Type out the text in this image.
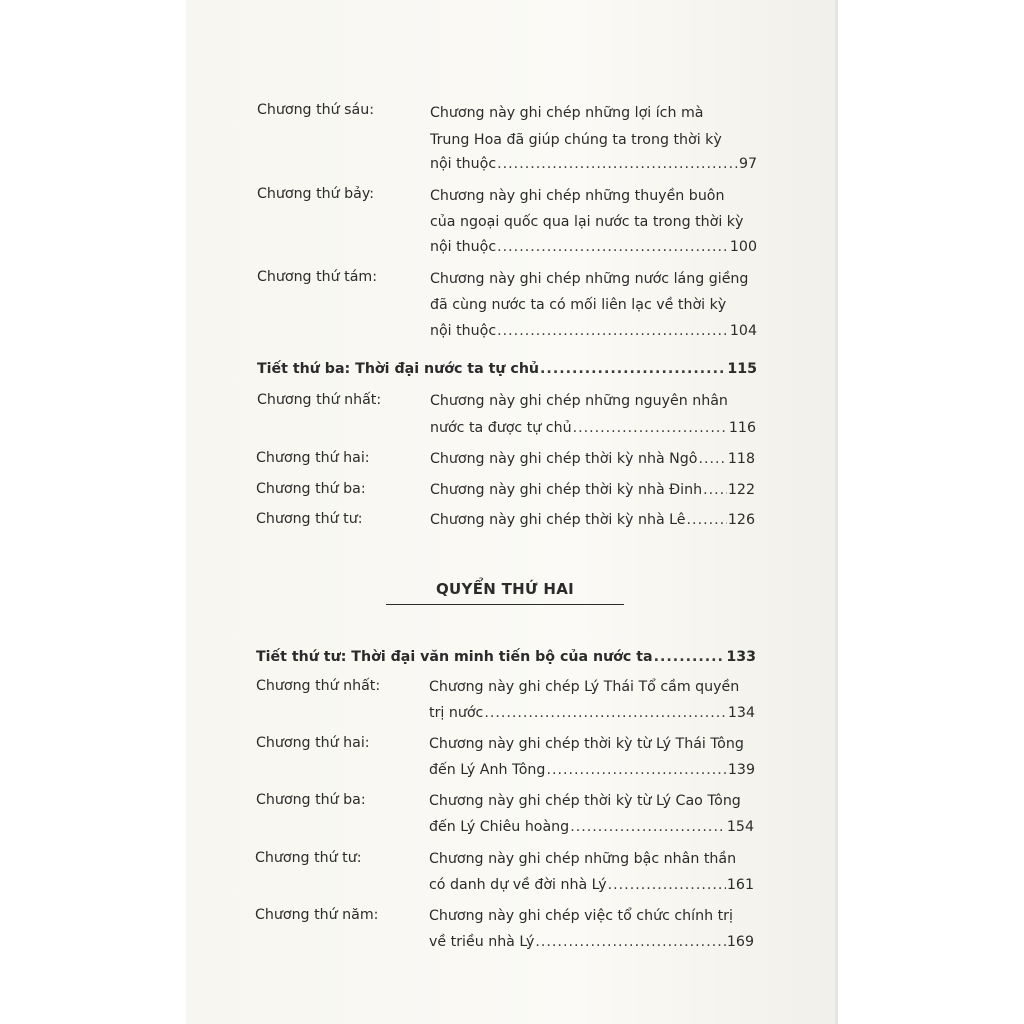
Chương thứ sáu:	Chương này ghi chép những lợi ích mà
Trung Hoa đã giúp chúng ta trong thời kỳ
nội thuộc .....	97
Chương thứ bảy:	Chương này ghi chép những thuyền buôn
của ngoại quốc qua lại nước ta trong thời kỳ
nội thuộc .....	100
Chương thứ tám:	Chương này ghi chép những nước láng giềng
đã cùng nước ta có mối liên lạc về thời kỳ
nội thuộc .....	104
Tiết thứ ba: Thời đại nước ta tự chủ .....	115
Chương thứ nhất:	Chương này ghi chép những nguyên nhân
nước ta được tự chủ .....	116
Chương thứ hai:	Chương này ghi chép thời kỳ nhà Ngô ..... 118
Chương thứ ba:	Chương này ghi chép thời kỳ nhà Đinh ..... 122
Chương thứ tư:	Chương này ghi chép thời kỳ nhà Lê .....	126
QUYỂN THỨ HAI
Tiết thứ tư: Thời đại văn minh tiến bộ của nước ta .....	133
Chương thứ nhất:	Chương này ghi chép Lý Thái Tổ cầm quyền
trị nước .....	134
Chương thứ hai:	Chương này ghi chép thời kỳ từ Lý Thái Tông
đến Lý Anh Tông .....	139
Chương thứ ba:	Chương này ghi chép thời kỳ từ Lý Cao Tông
đến Lý Chiêu hoàng .....	154
Chương thứ tư:	Chương này ghi chép những bậc nhân thần
có danh dự về đời nhà Lý .....	161
Chương thứ năm:	Chương này ghi chép việc tổ chức chính trị
về triều nhà Lý .....	169
